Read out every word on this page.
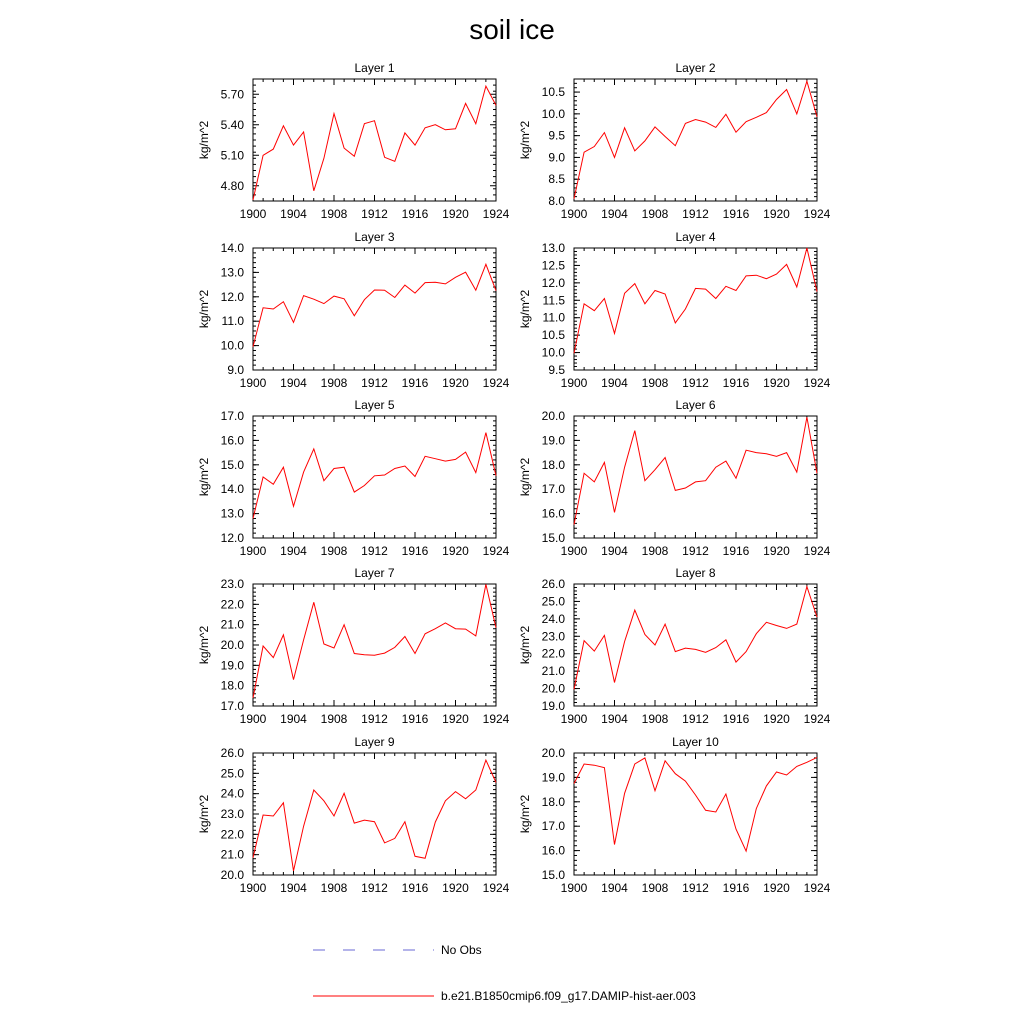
soil ice
Layer 1
kg/m^2
1900 1904 1908 1912 1916 1920 1924
4.80
5.10
5.40
5.70
Layer 2
kg/m^2
1900 1904 1908 1912 1916 1920 1924
8.0
8.5
9.0
9.5
10.0
10.5
Layer 3
kg/m^2
1900 1904 1908 1912 1916 1920 1924
9.0
10.0
11.0
12.0
13.0
14.0
Layer 4
kg/m^2
1900 1904 1908 1912 1916 1920 1924
9.5
10.0
10.5
11.0
11.5
12.0
12.5
13.0
Layer 5
kg/m^2
1900 1904 1908 1912 1916 1920 1924
12.0
13.0
14.0
15.0
16.0
17.0
Layer 6
kg/m^2
1900 1904 1908 1912 1916 1920 1924
15.0
16.0
17.0
18.0
19.0
20.0
Layer 7
kg/m^2
1900 1904 1908 1912 1916 1920 1924
17.0
18.0
19.0
20.0
21.0
22.0
23.0
Layer 8
kg/m^2
1900 1904 1908 1912 1916 1920 1924
19.0
20.0
21.0
22.0
23.0
24.0
25.0
26.0
Layer 9
kg/m^2
1900 1904 1908 1912 1916 1920 1924
20.0
21.0
22.0
23.0
24.0
25.0
26.0
Layer 10
kg/m^2
1900 1904 1908 1912 1916 1920 1924
15.0
16.0
17.0
18.0
19.0
20.0
No Obs
b.e21.B1850cmip6.f09_g17.DAMIP-hist-aer.003
